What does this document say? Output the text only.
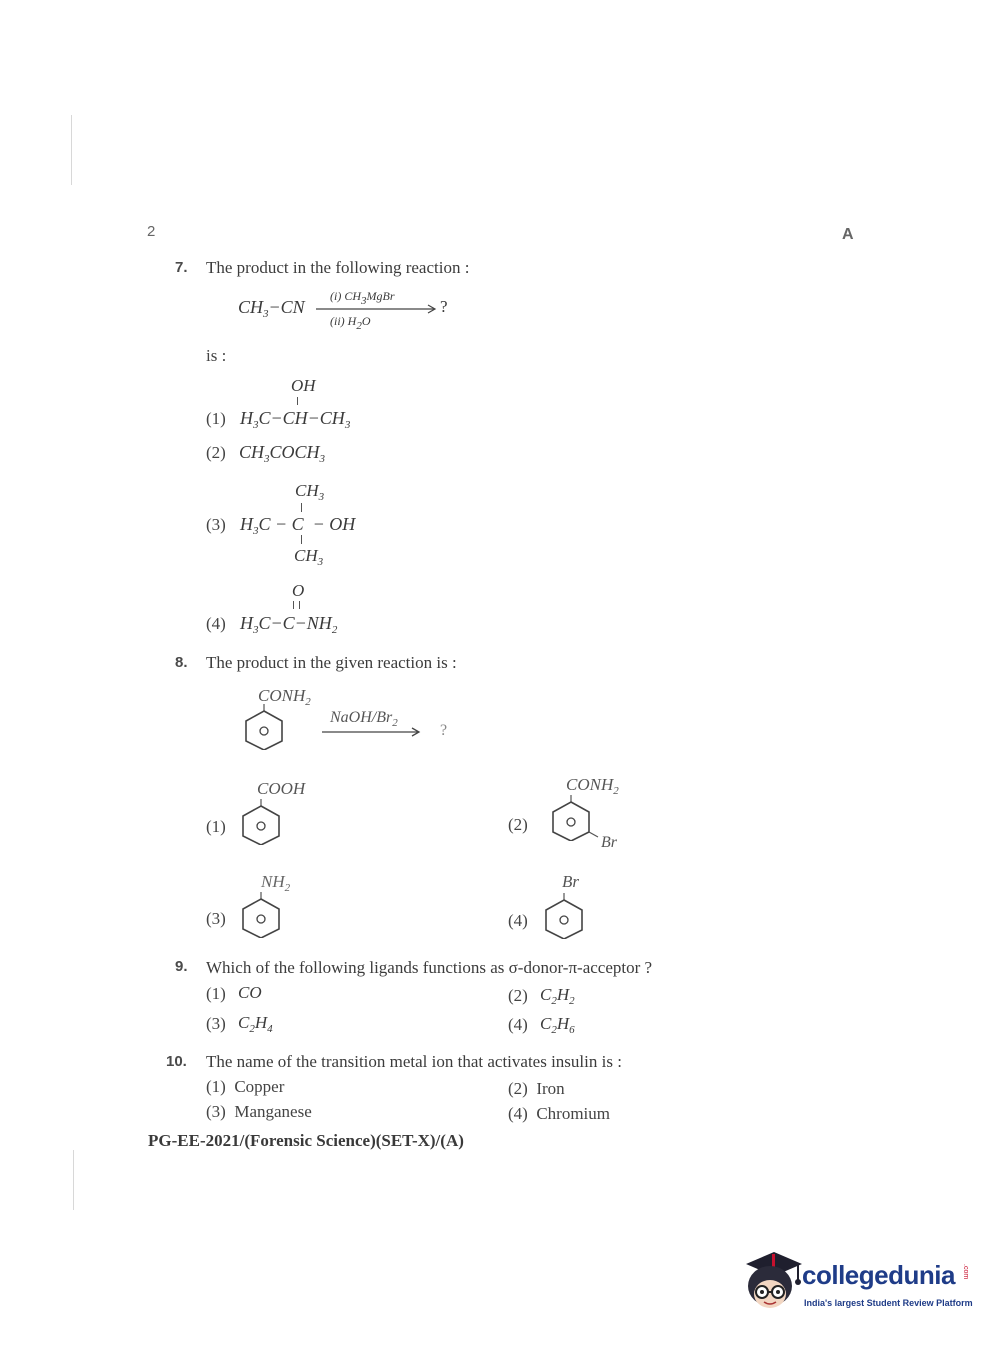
2	A
7. The product in the following reaction :
$CH_3-CN$
(i) $CH_3MgBr$
?
(ii) $H_2O$
is :
OH
(1) $H_3C-CH-CH_3$
(2) $CH_3COCH_3$
$CH_3$
(3) $H_3C - C$  − OH
$CH_3$
O
(4) $H_3C-C-NH_2$
8. The product in the given reaction is :
$CONH_2$
NaOH/$Br_2$	?
(1)
COOH
(2)
$CONH_2$
Br
(3)
$NH_2$
(4)
Br
9. Which of the following ligands functions as σ-donor-π-acceptor ?
(1) CO	(2) $C_2H_2$
(3) $C_2H_4$	(4) $C_2H_6$
10. The name of the transition metal ion that activates insulin is :
(1)  Copper	(2)  Iron
(3)  Manganese	(4)  Chromium
PG-EE-2021/(Forensic Science)(SET-X)/(A)
collegedunia .com
India's largest Student Review Platform
